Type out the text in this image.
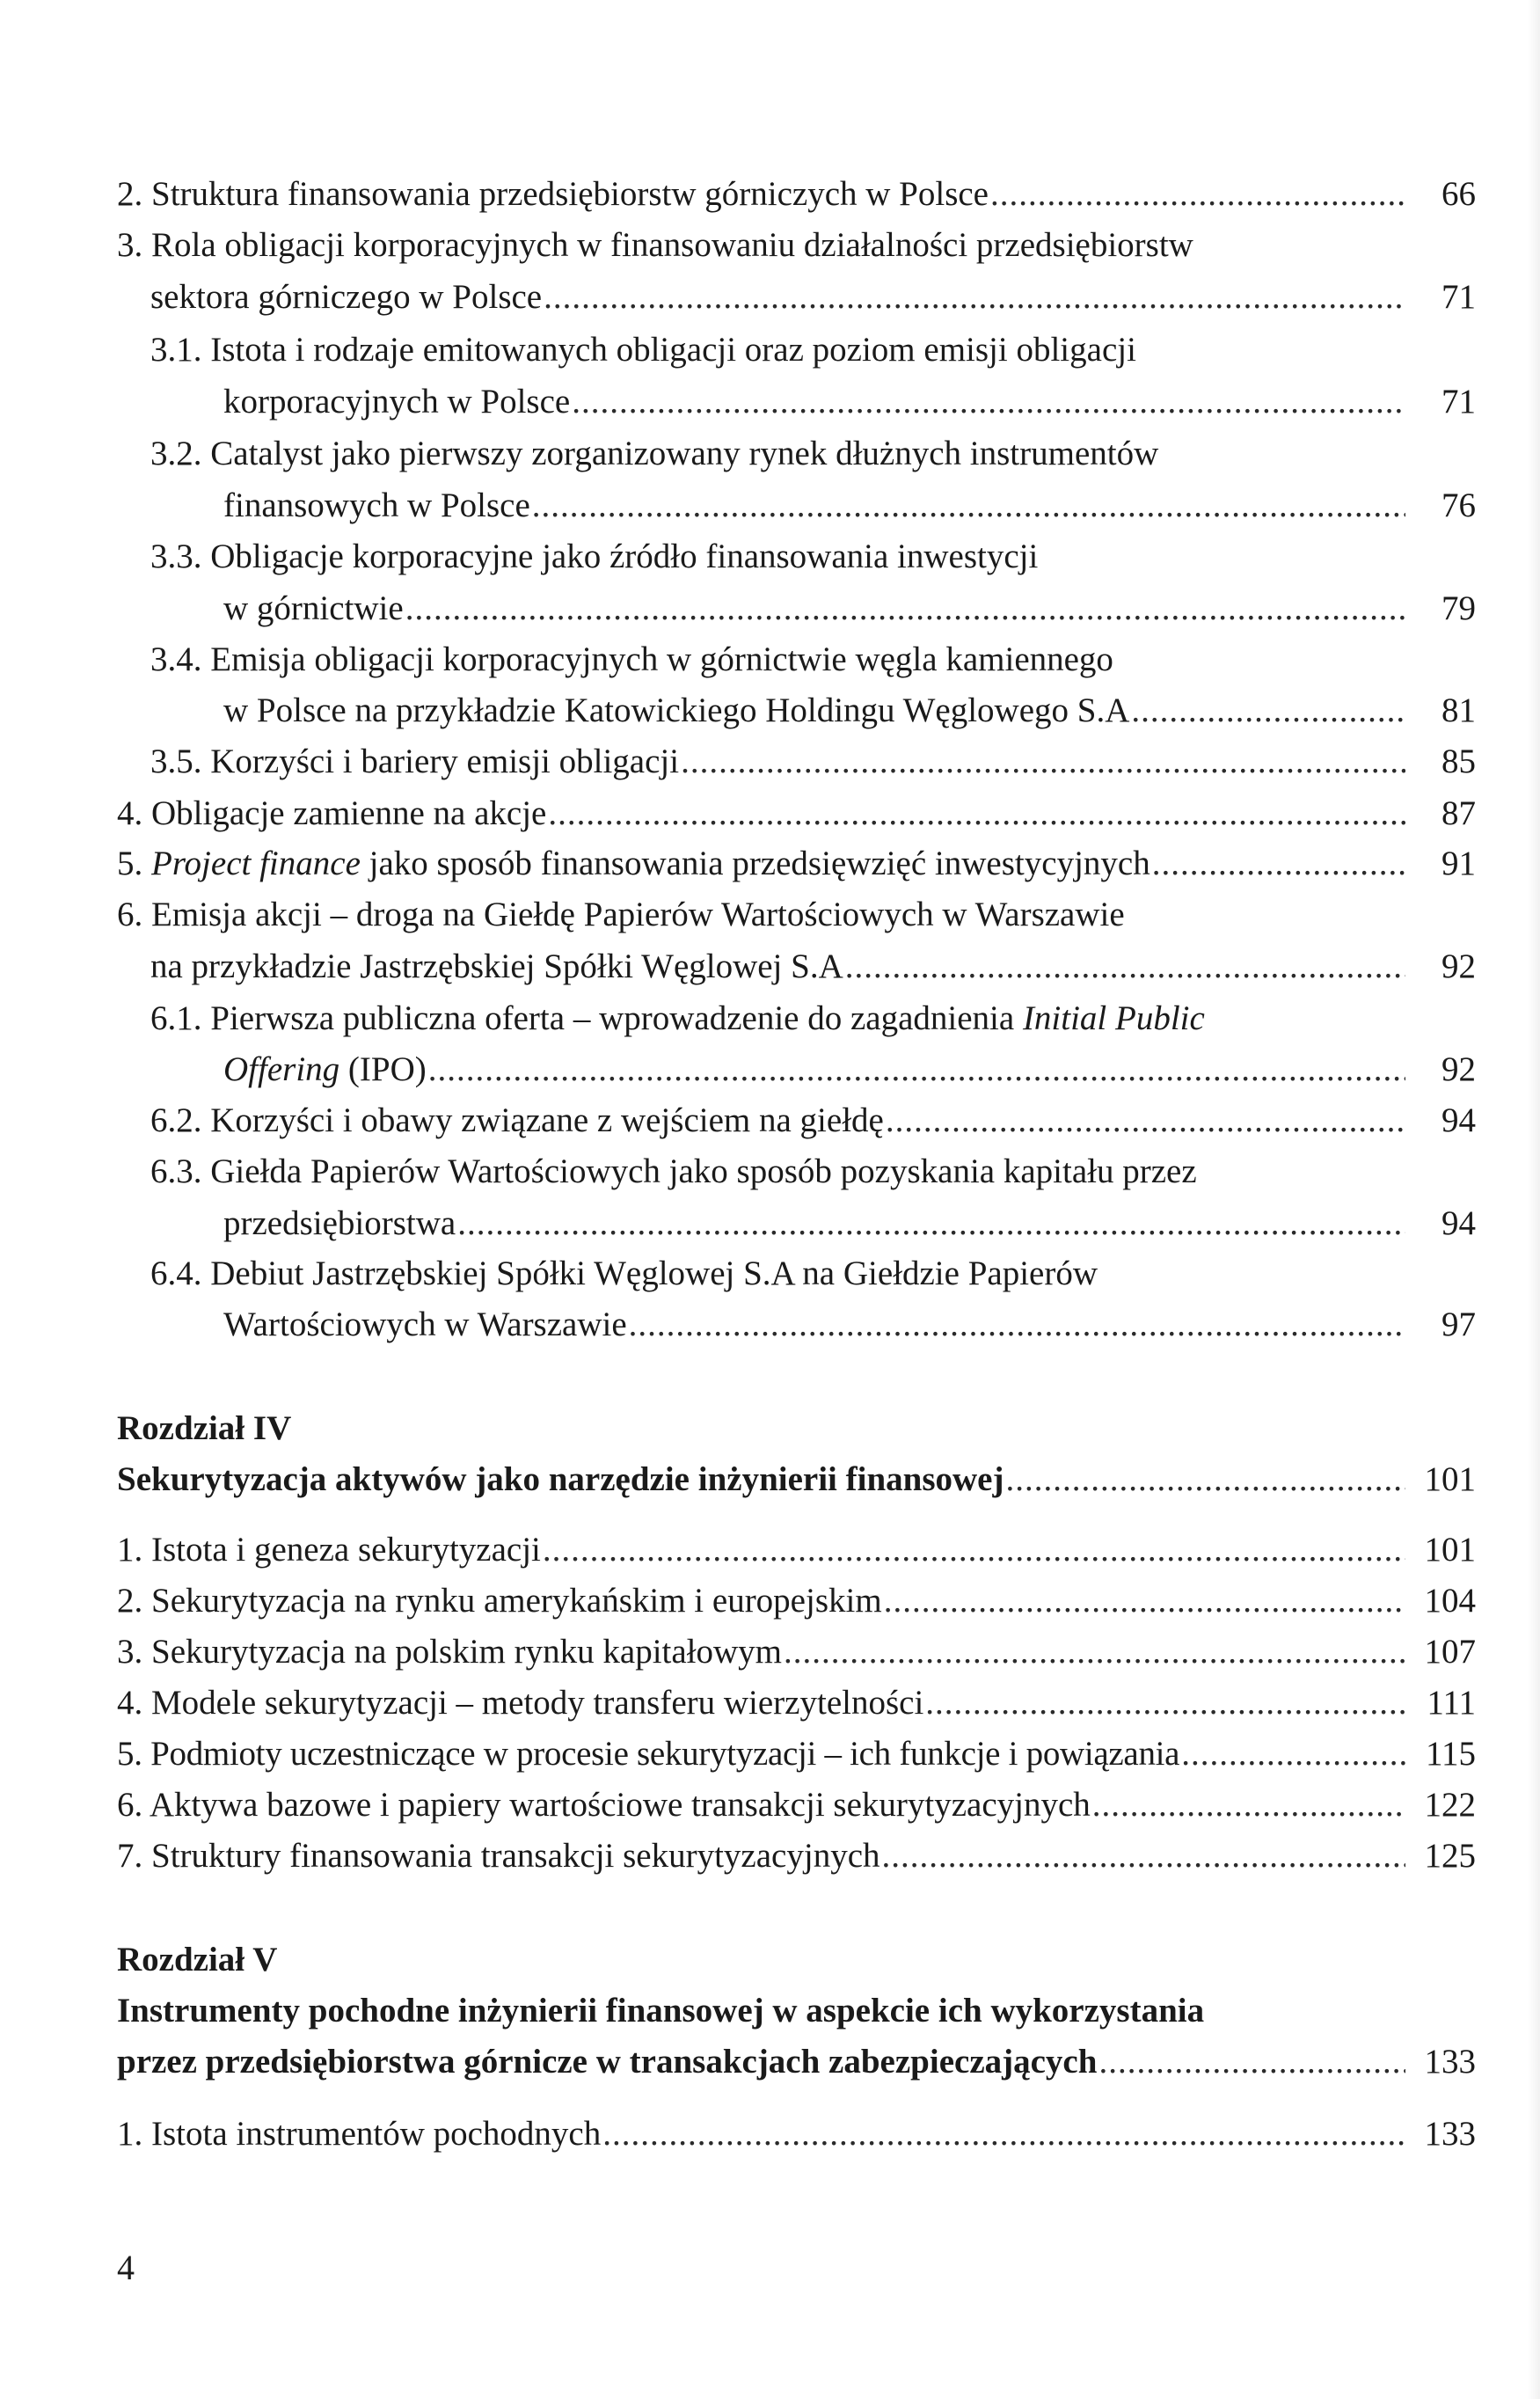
2. Struktura finansowania przedsiębiorstw górniczych w Polsce .....	66
3. Rola obligacji korporacyjnych w finansowaniu działalności przedsiębiorstw
sektora górniczego w Polsce .....	71
3.1. Istota i rodzaje emitowanych obligacji oraz poziom emisji obligacji
korporacyjnych w Polsce .....	71
3.2. Catalyst jako pierwszy zorganizowany rynek dłużnych instrumentów
finansowych w Polsce .....	76
3.3. Obligacje korporacyjne jako źródło finansowania inwestycji
w górnictwie .....	79
3.4. Emisja obligacji korporacyjnych w górnictwie węgla kamiennego
w Polsce na przykładzie Katowickiego Holdingu Węglowego S.A .....	81
3.5. Korzyści i bariery emisji obligacji .....	85
4. Obligacje zamienne na akcje .....	87
5. Project finance jako sposób finansowania przedsięwzięć inwestycyjnych .....	91
6. Emisja akcji – droga na Giełdę Papierów Wartościowych w Warszawie
na przykładzie Jastrzębskiej Spółki Węglowej S.A .....	92
6.1. Pierwsza publiczna oferta – wprowadzenie do zagadnienia Initial Public
Offering (IPO) .....	92
6.2. Korzyści i obawy związane z wejściem na giełdę .....	94
6.3. Giełda Papierów Wartościowych jako sposób pozyskania kapitału przez
przedsiębiorstwa .....	94
6.4. Debiut Jastrzębskiej Spółki Węglowej S.A na Giełdzie Papierów
Wartościowych w Warszawie .....	97
Rozdział IV
Sekurytyzacja aktywów jako narzędzie inżynierii finansowej .....	101
1. Istota i geneza sekurytyzacji .....	101
2. Sekurytyzacja na rynku amerykańskim i europejskim .....	104
3. Sekurytyzacja na polskim rynku kapitałowym .....	107
4. Modele sekurytyzacji – metody transferu wierzytelności .....	111
5. Podmioty uczestniczące w procesie sekurytyzacji – ich funkcje i powiązania .....	115
6. Aktywa bazowe i papiery wartościowe transakcji sekurytyzacyjnych .....	122
7. Struktury finansowania transakcji sekurytyzacyjnych .....	125
Rozdział V
Instrumenty pochodne inżynierii finansowej w aspekcie ich wykorzystania
przez przedsiębiorstwa górnicze w transakcjach zabezpieczających .....	133
1. Istota instrumentów pochodnych .....	133
4
